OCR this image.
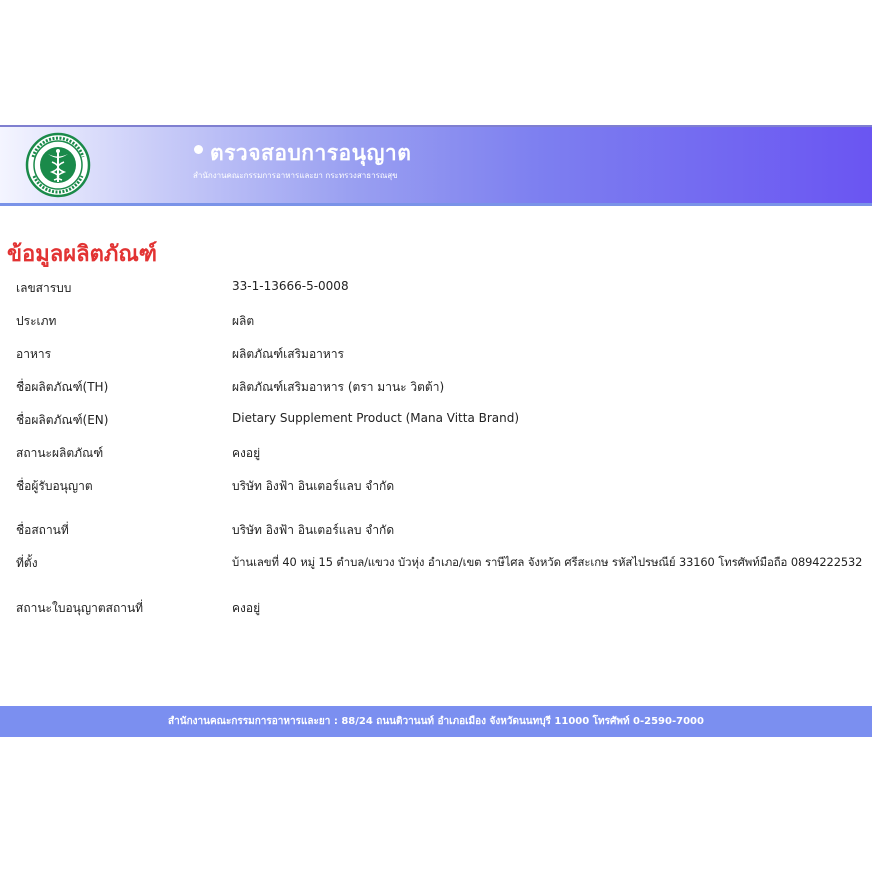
ตรวจสอบการอนุญาต
สำนักงานคณะกรรมการอาหารและยา กระทรวงสาธารณสุข
ข้อมูลผลิตภัณฑ์
เลขสารบบ	33-1-13666-5-0008
ประเภท	ผลิต
อาหาร	ผลิตภัณฑ์เสริมอาหาร
ชื่อผลิตภัณฑ์(TH)	ผลิตภัณฑ์เสริมอาหาร (ตรา มานะ วิตต้า)
ชื่อผลิตภัณฑ์(EN)	Dietary Supplement Product (Mana Vitta Brand)
สถานะผลิตภัณฑ์	คงอยู่
ชื่อผู้รับอนุญาต	บริษัท อิงฟ้า อินเตอร์แลบ จำกัด
ชื่อสถานที่	บริษัท อิงฟ้า อินเตอร์แลบ จำกัด
ที่ตั้ง	บ้านเลขที่ 40 หมู่ 15 ตำบล/แขวง บัวหุ่ง อำเภอ/เขต ราษีไศล จังหวัด ศรีสะเกษ รหัสไปรษณีย์ 33160 โทรศัพท์มือถือ 0894222532
สถานะใบอนุญาตสถานที่	คงอยู่
สำนักงานคณะกรรมการอาหารและยา : 88/24 ถนนติวานนท์ อำเภอเมือง จังหวัดนนทบุรี 11000 โทรศัพท์ 0-2590-7000
